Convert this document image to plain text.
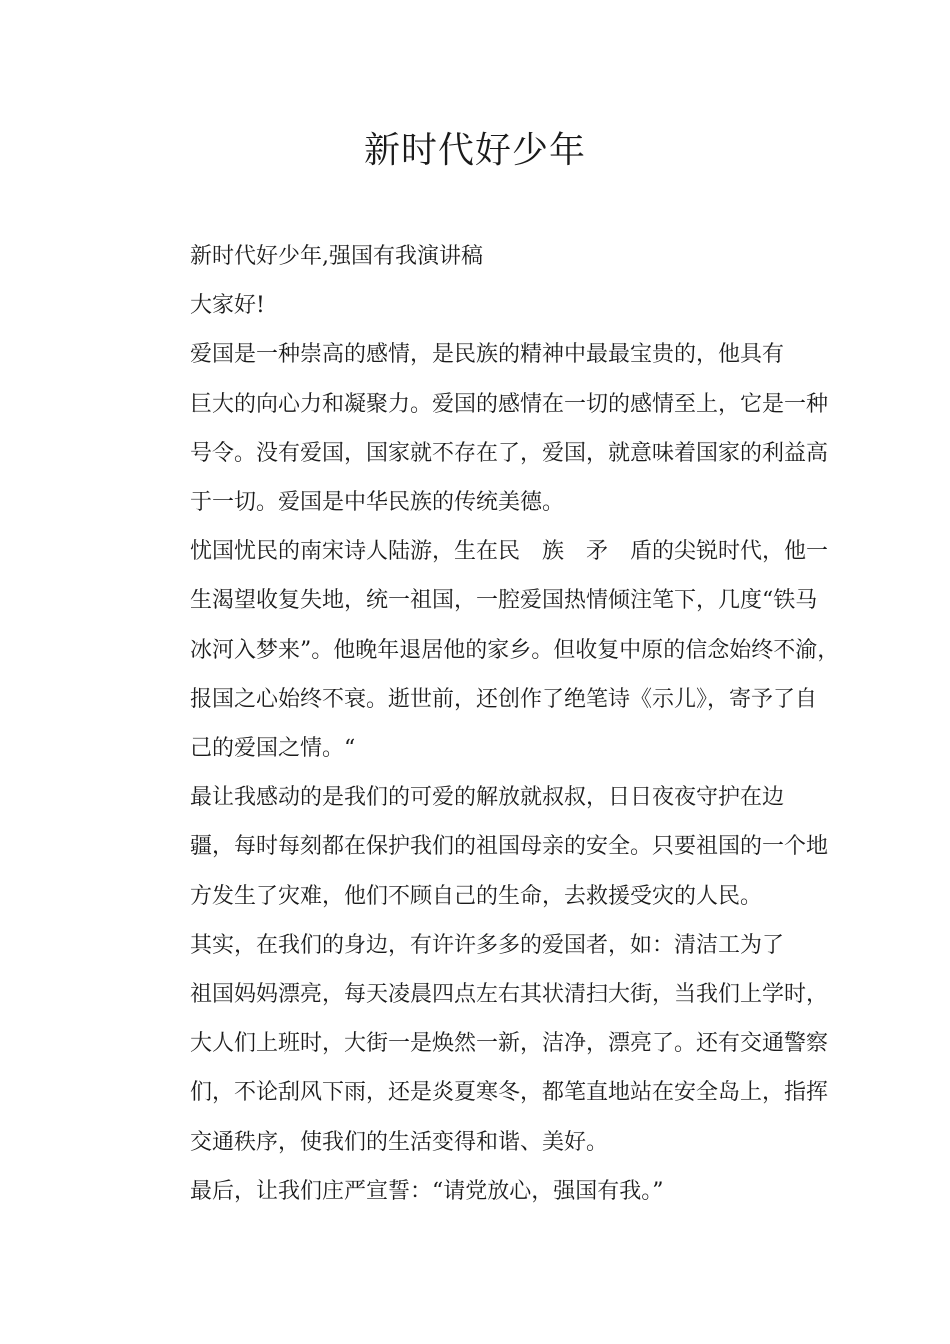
新时代好少年

新时代好少年,强国有我演讲稿

大家好!

爱国是一种崇高的感情，是民族的精神中最最宝贵的，他具有
巨大的向心力和凝聚力。爱国的感情在一切的感情至上，它是一种
号令。没有爱国，国家就不存在了，爱国，就意味着国家的利益高
于一切。爱国是中华民族的传统美德。

忧国忧民的南宋诗人陆游，生在民　族　矛　盾的尖锐时代，他一
生渴望收复失地，统一祖国，一腔爱国热情倾注笔下，几度“铁马
冰河入梦来”。他晚年退居他的家乡。但收复中原的信念始终不渝，
报国之心始终不衰。逝世前，还创作了绝笔诗《示儿》，寄予了自
己的爱国之情。“

最让我感动的是我们的可爱的解放就叔叔，日日夜夜守护在边
疆，每时每刻都在保护我们的祖国母亲的安全。只要祖国的一个地
方发生了灾难，他们不顾自己的生命，去救援受灾的人民。

其实，在我们的身边，有许许多多的爱国者，如：清洁工为了
祖国妈妈漂亮，每天凌晨四点左右其状清扫大街，当我们上学时，
大人们上班时，大街一是焕然一新，洁净，漂亮了。还有交通警察
们，不论刮风下雨，还是炎夏寒冬，都笔直地站在安全岛上，指挥
交通秩序，使我们的生活变得和谐、美好。

最后，让我们庄严宣誓：“请党放心，强国有我。”
